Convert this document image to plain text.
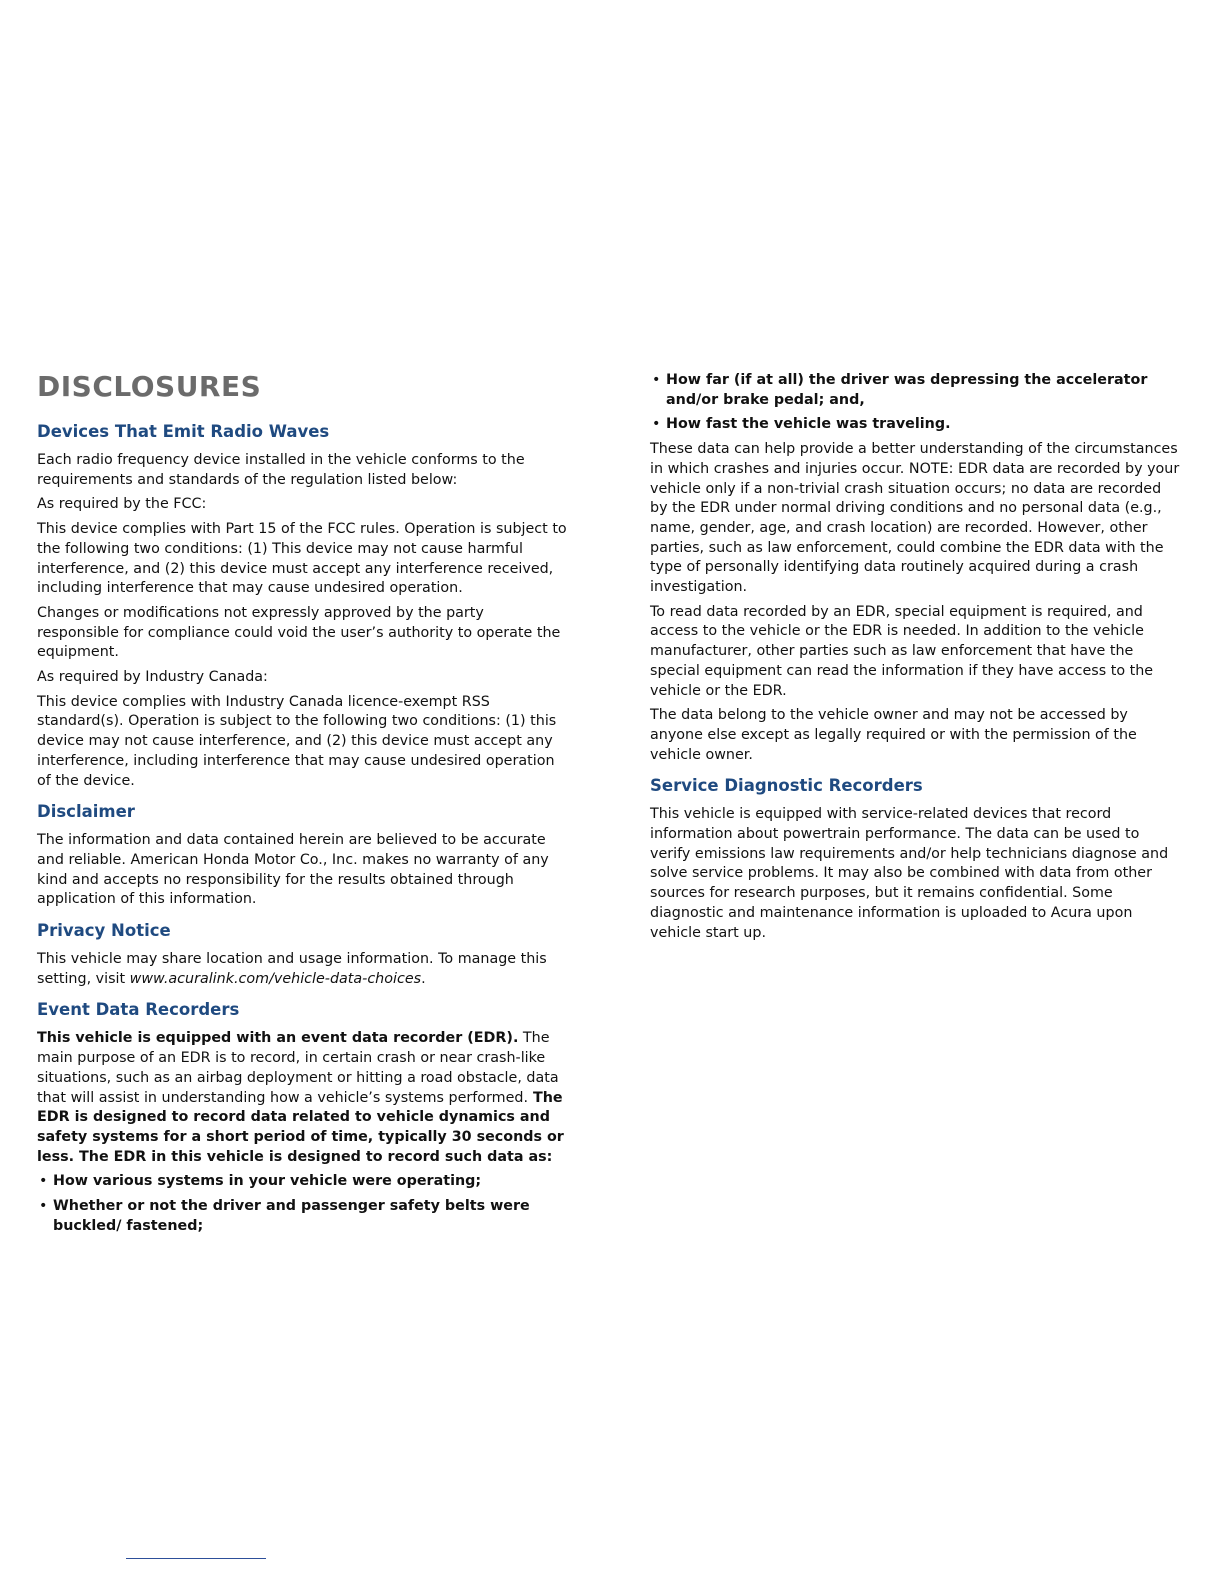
DISCLOSURES
Devices That Emit Radio Waves

Each radio frequency device installed in the vehicle conforms to the requirements and standards of the regulation listed below:

As required by the FCC:

This device complies with Part 15 of the FCC rules. Operation is subject to the following two conditions: (1) This device may not cause harmful interference, and (2) this device must accept any interference received, including interference that may cause undesired operation.

Changes or modifications not expressly approved by the party responsible for compliance could void the user’s authority to operate the equipment.

As required by Industry Canada:

This device complies with Industry Canada licence-exempt RSS standard(s). Operation is subject to the following two conditions: (1) this device may not cause interference, and (2) this device must accept any interference, including interference that may cause undesired operation of the device.

Disclaimer

The information and data contained herein are believed to be accurate and reliable. American Honda Motor Co., Inc. makes no warranty of any kind and accepts no responsibility for the results obtained through application of this information.

Privacy Notice

This vehicle may share location and usage information. To manage this setting, visit www.acuralink.com/vehicle-data-choices.

Event Data Recorders

This vehicle is equipped with an event data recorder (EDR). The main purpose of an EDR is to record, in certain crash or near crash-like situations, such as an airbag deployment or hitting a road obstacle, data that will assist in understanding how a vehicle’s systems performed. The EDR is designed to record data related to vehicle dynamics and safety systems for a short period of time, typically 30 seconds or less. The EDR in this vehicle is designed to record such data as:

• How various systems in your vehicle were operating;
• Whether or not the driver and passenger safety belts were buckled/ fastened;
• How far (if at all) the driver was depressing the accelerator and/or brake pedal; and,
• How fast the vehicle was traveling.

These data can help provide a better understanding of the circumstances in which crashes and injuries occur. NOTE: EDR data are recorded by your vehicle only if a non-trivial crash situation occurs; no data are recorded by the EDR under normal driving conditions and no personal data (e.g., name, gender, age, and crash location) are recorded. However, other parties, such as law enforcement, could combine the EDR data with the type of personally identifying data routinely acquired during a crash investigation.

To read data recorded by an EDR, special equipment is required, and access to the vehicle or the EDR is needed. In addition to the vehicle manufacturer, other parties such as law enforcement that have the special equipment can read the information if they have access to the vehicle or the EDR.

The data belong to the vehicle owner and may not be accessed by anyone else except as legally required or with the permission of the vehicle owner.

Service Diagnostic Recorders

This vehicle is equipped with service-related devices that record information about powertrain performance. The data can be used to verify emissions law requirements and/or help technicians diagnose and solve service problems. It may also be combined with data from other sources for research purposes, but it remains confidential. Some diagnostic and maintenance information is uploaded to Acura upon vehicle start up.
